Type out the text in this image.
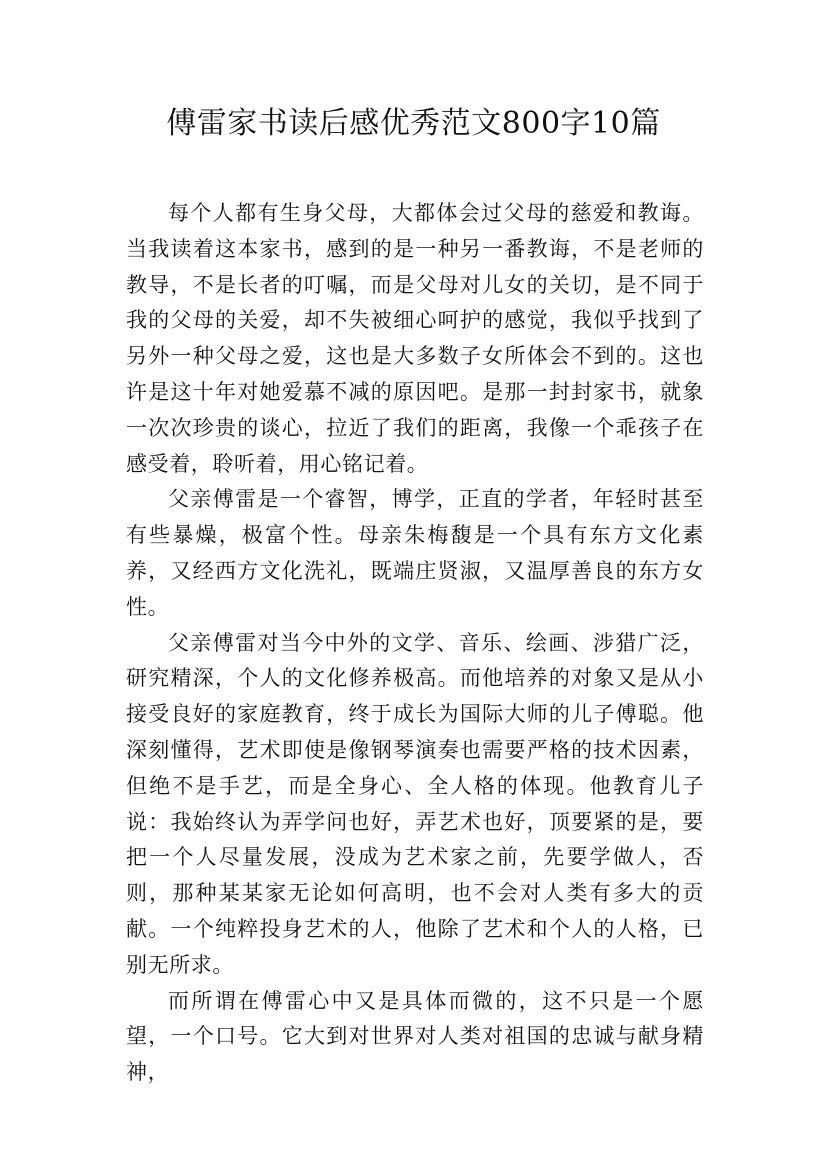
傅雷家书读后感优秀范文800字10篇

每个人都有生身父母，大都体会过父母的慈爱和教诲。当我读着这本家书，感到的是一种另一番教诲，不是老师的教导，不是长者的叮嘱，而是父母对儿女的关切，是不同于我的父母的关爱，却不失被细心呵护的感觉，我似乎找到了另外一种父母之爱，这也是大多数子女所体会不到的。这也许是这十年对她爱慕不减的原因吧。是那一封封家书，就象一次次珍贵的谈心，拉近了我们的距离，我像一个乖孩子在感受着，聆听着，用心铭记着。

父亲傅雷是一个睿智，博学，正直的学者，年轻时甚至有些暴燥，极富个性。母亲朱梅馥是一个具有东方文化素养，又经西方文化洗礼，既端庄贤淑，又温厚善良的东方女性。

父亲傅雷对当今中外的文学、音乐、绘画、涉猎广泛，研究精深，个人的文化修养极高。而他培养的对象又是从小接受良好的家庭教育，终于成长为国际大师的儿子傅聪。他深刻懂得，艺术即使是像钢琴演奏也需要严格的技术因素，但绝不是手艺，而是全身心、全人格的体现。他教育儿子说：我始终认为弄学问也好，弄艺术也好，顶要紧的是，要把一个人尽量发展，没成为艺术家之前，先要学做人，否则，那种某某家无论如何高明，也不会对人类有多大的贡献。一个纯粹投身艺术的人，他除了艺术和个人的人格，已别无所求。

而所谓在傅雷心中又是具体而微的，这不只是一个愿望，一个口号。它大到对世界对人类对祖国的忠诚与献身精神，
